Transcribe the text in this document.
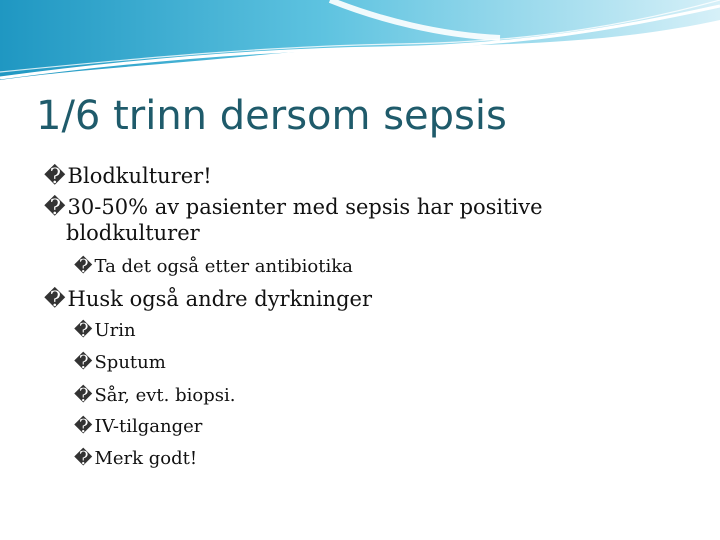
1/6 trinn dersom sepsis
�Blodkulturer!
�30-50% av pasienter med sepsis har positive
blodkulturer
� Ta det også etter antibiotika
�Husk også andre dyrkninger
� Urin
� Sputum
� Sår, evt. biopsi.
� IV-tilganger
� Merk godt!
